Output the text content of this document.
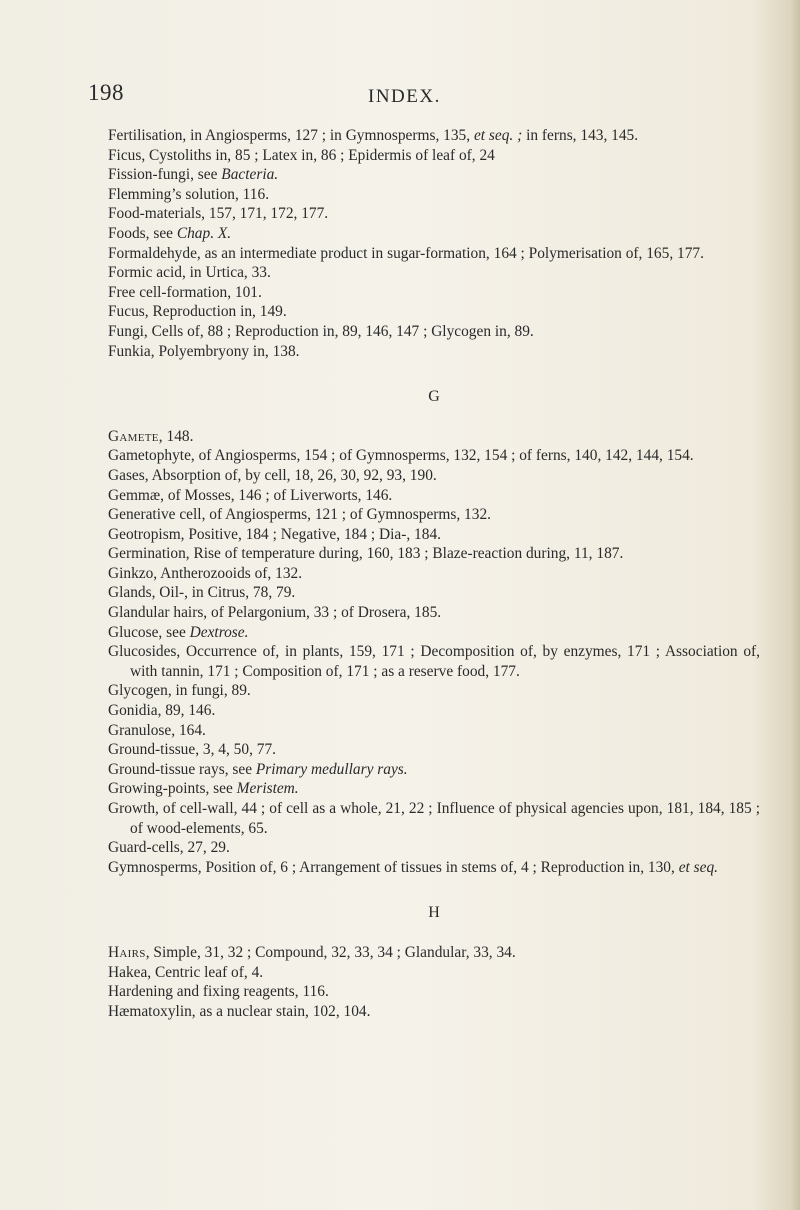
198	INDEX.
Fertilisation, in Angiosperms, 127 ; in Gymnosperms, 135, et seq. ; in ferns, 143, 145.
Ficus, Cystoliths in, 85 ; Latex in, 86 ; Epidermis of leaf of, 24
Fission-fungi, see Bacteria.
Flemming’s solution, 116.
Food-materials, 157, 171, 172, 177.
Foods, see Chap. X.
Formaldehyde, as an intermediate product in sugar-formation, 164 ; Polymerisation of, 165, 177.
Formic acid, in Urtica, 33.
Free cell-formation, 101.
Fucus, Reproduction in, 149.
Fungi, Cells of, 88 ; Reproduction in, 89, 146, 147 ; Glycogen in, 89.
Funkia, Polyembryony in, 138.
G
Gamete, 148.
Gametophyte, of Angiosperms, 154 ; of Gymnosperms, 132, 154 ; of ferns, 140, 142, 144, 154.
Gases, Absorption of, by cell, 18, 26, 30, 92, 93, 190.
Gemmæ, of Mosses, 146 ; of Liverworts, 146.
Generative cell, of Angiosperms, 121 ; of Gymnosperms, 132.
Geotropism, Positive, 184 ; Negative, 184 ; Dia-, 184.
Germination, Rise of temperature during, 160, 183 ; Blaze-reaction during, 11, 187.
Ginkzo, Antherozooids of, 132.
Glands, Oil-, in Citrus, 78, 79.
Glandular hairs, of Pelargonium, 33 ; of Drosera, 185.
Glucose, see Dextrose.
Glucosides, Occurrence of, in plants, 159, 171 ; Decomposition of, by enzymes, 171 ; Association of, with tannin, 171 ; Composition of, 171 ; as a reserve food, 177.
Glycogen, in fungi, 89.
Gonidia, 89, 146.
Granulose, 164.
Ground-tissue, 3, 4, 50, 77.
Ground-tissue rays, see Primary medullary rays.
Growing-points, see Meristem.
Growth, of cell-wall, 44 ; of cell as a whole, 21, 22 ; Influence of physical agencies upon, 181, 184, 185 ; of wood-elements, 65.
Guard-cells, 27, 29.
Gymnosperms, Position of, 6 ; Arrangement of tissues in stems of, 4 ; Reproduction in, 130, et seq.
H
Hairs, Simple, 31, 32 ; Compound, 32, 33, 34 ; Glandular, 33, 34.
Hakea, Centric leaf of, 4.
Hardening and fixing reagents, 116.
Hæmatoxylin, as a nuclear stain, 102, 104.
